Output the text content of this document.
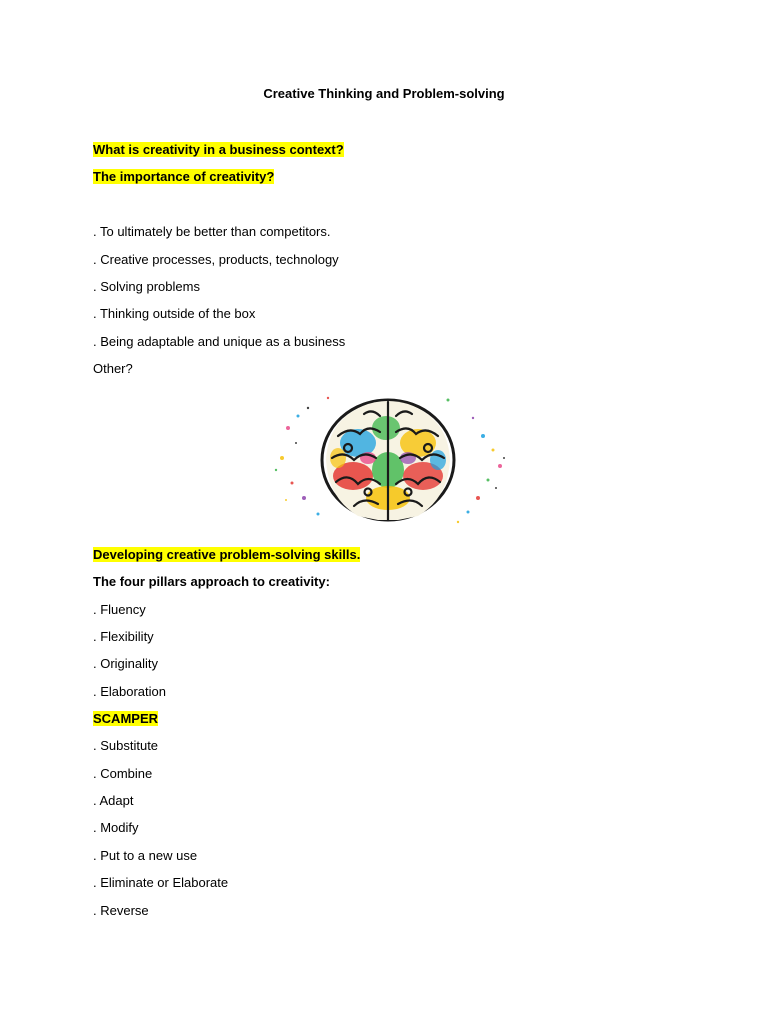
Creative Thinking and Problem-solving
What is creativity in a business context?
The importance of creativity?
. To ultimately be better than competitors.
. Creative processes, products, technology
. Solving problems
. Thinking outside of the box
. Being adaptable and unique as a business
Other?
Developing creative problem-solving skills.
The four pillars approach to creativity:
. Fluency
. Flexibility
. Originality
. Elaboration
SCAMPER
. Substitute
. Combine
. Adapt
. Modify
. Put to a new use
. Eliminate or Elaborate
. Reverse
